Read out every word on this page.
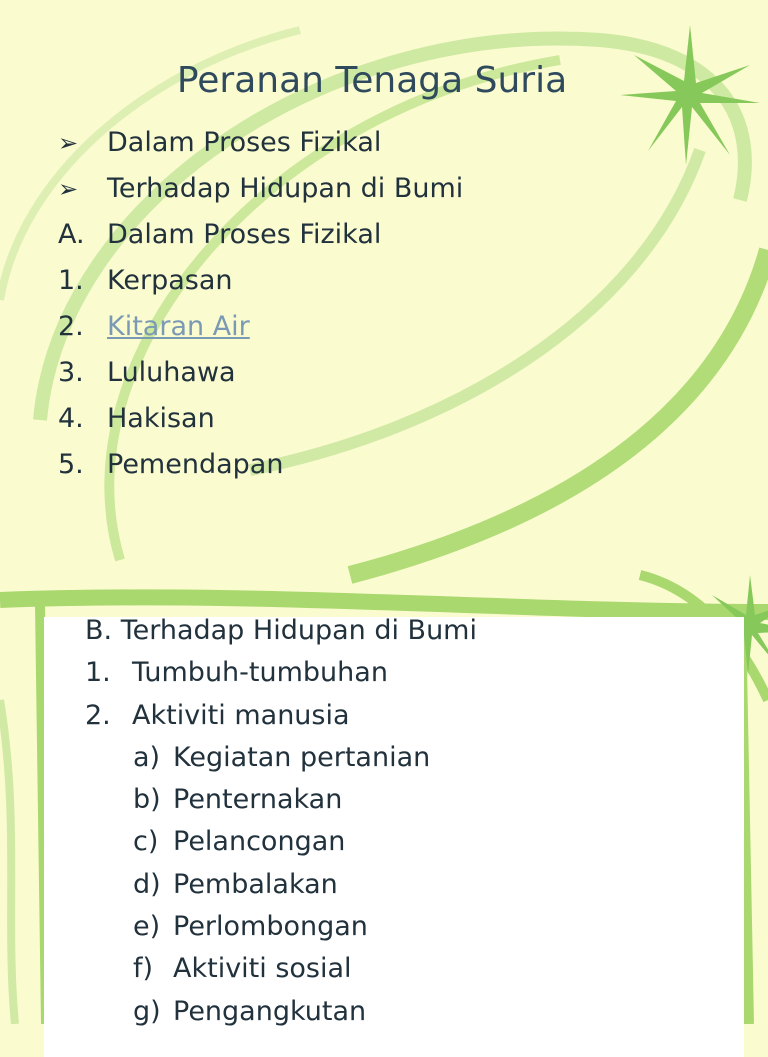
Peranan Tenaga Suria
➢	Dalam Proses Fizikal
➢	Terhadap Hidupan di Bumi
A. Dalam Proses Fizikal
1. Kerpasan
2. Kitaran Air
3. Luluhawa
4. Hakisan
5. Pemendapan
B. Terhadap Hidupan di Bumi
1. Tumbuh-tumbuhan
2. Aktiviti manusia
a) Kegiatan pertanian
b) Penternakan
c) Pelancongan
d) Pembalakan
e) Perlombongan
f) Aktiviti sosial
g) Pengangkutan
